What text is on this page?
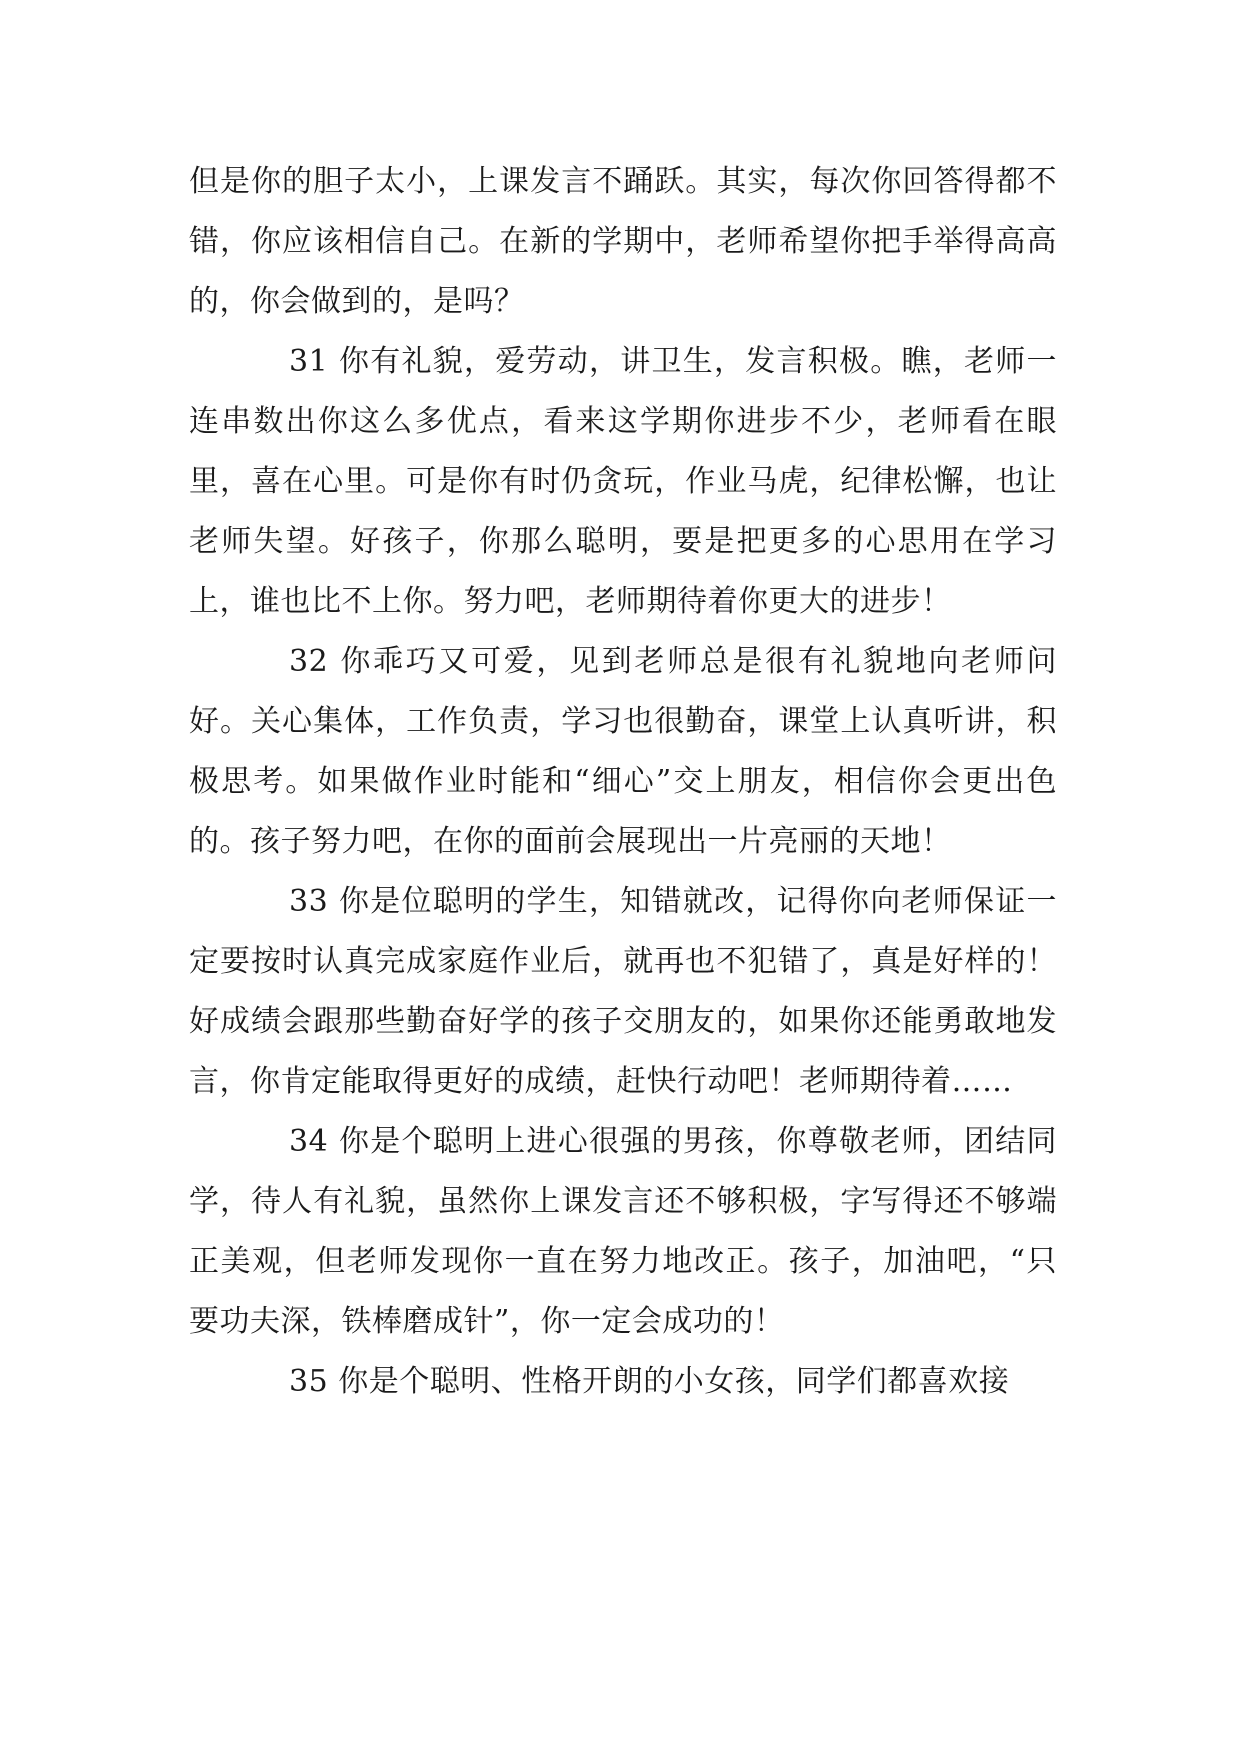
但是你的胆子太小，上课发言不踊跃。其实，每次你回答得都不错，你应该相信自己。在新的学期中，老师希望你把手举得高高的，你会做到的，是吗？

31 你有礼貌，爱劳动，讲卫生，发言积极。瞧，老师一连串数出你这么多优点，看来这学期你进步不少，老师看在眼里，喜在心里。可是你有时仍贪玩，作业马虎，纪律松懈，也让老师失望。好孩子，你那么聪明，要是把更多的心思用在学习上，谁也比不上你。努力吧，老师期待着你更大的进步！

32 你乖巧又可爱，见到老师总是很有礼貌地向老师问好。关心集体，工作负责，学习也很勤奋，课堂上认真听讲，积极思考。如果做作业时能和“细心”交上朋友，相信你会更出色的。孩子努力吧，在你的面前会展现出一片亮丽的天地！

33 你是位聪明的学生，知错就改，记得你向老师保证一定要按时认真完成家庭作业后，就再也不犯错了，真是好样的！好成绩会跟那些勤奋好学的孩子交朋友的，如果你还能勇敢地发言，你肯定能取得更好的成绩，赶快行动吧！老师期待着……

34 你是个聪明上进心很强的男孩，你尊敬老师，团结同学，待人有礼貌，虽然你上课发言还不够积极，字写得还不够端正美观，但老师发现你一直在努力地改正。孩子，加油吧，“只要功夫深，铁棒磨成针”，你一定会成功的！

35 你是个聪明、性格开朗的小女孩，同学们都喜欢接
